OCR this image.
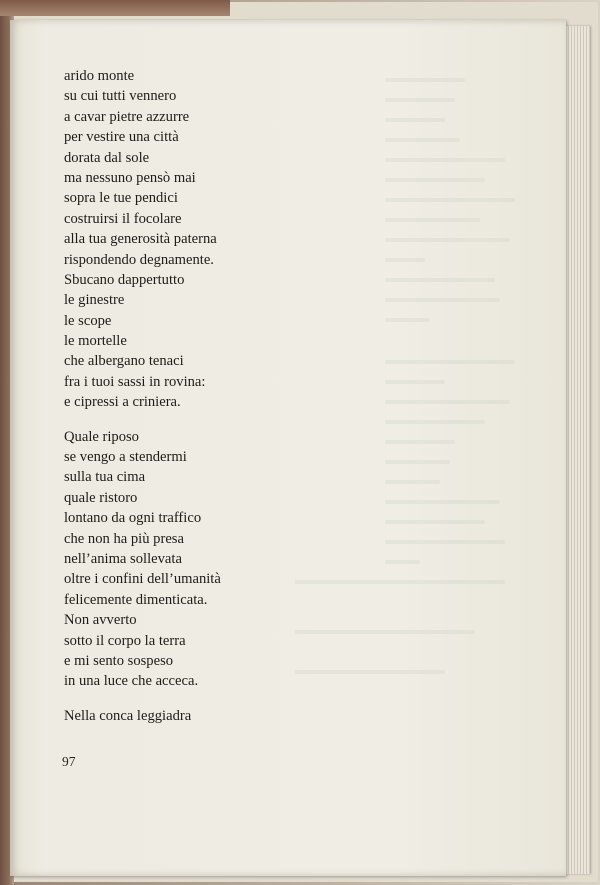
arido monte
su cui tutti vennero
a cavar pietre azzurre
per vestire una città
dorata dal sole
ma nessuno pensò mai
sopra le tue pendici
costruirsi il focolare
alla tua generosità paterna
rispondendo degnamente.
Sbucano dappertutto
le ginestre
le scope
le mortelle
che albergano tenaci
fra i tuoi sassi in rovina:
e cipressi a criniera.
Quale riposo
se vengo a stendermi
sulla tua cima
quale ristoro
lontano da ogni traffico
che non ha più presa
nell’anima sollevata
oltre i confini dell’umanità
felicemente dimenticata.
Non avverto
sotto il corpo la terra
e mi sento sospeso
in una luce che acceca.
Nella conca leggiadra
97
